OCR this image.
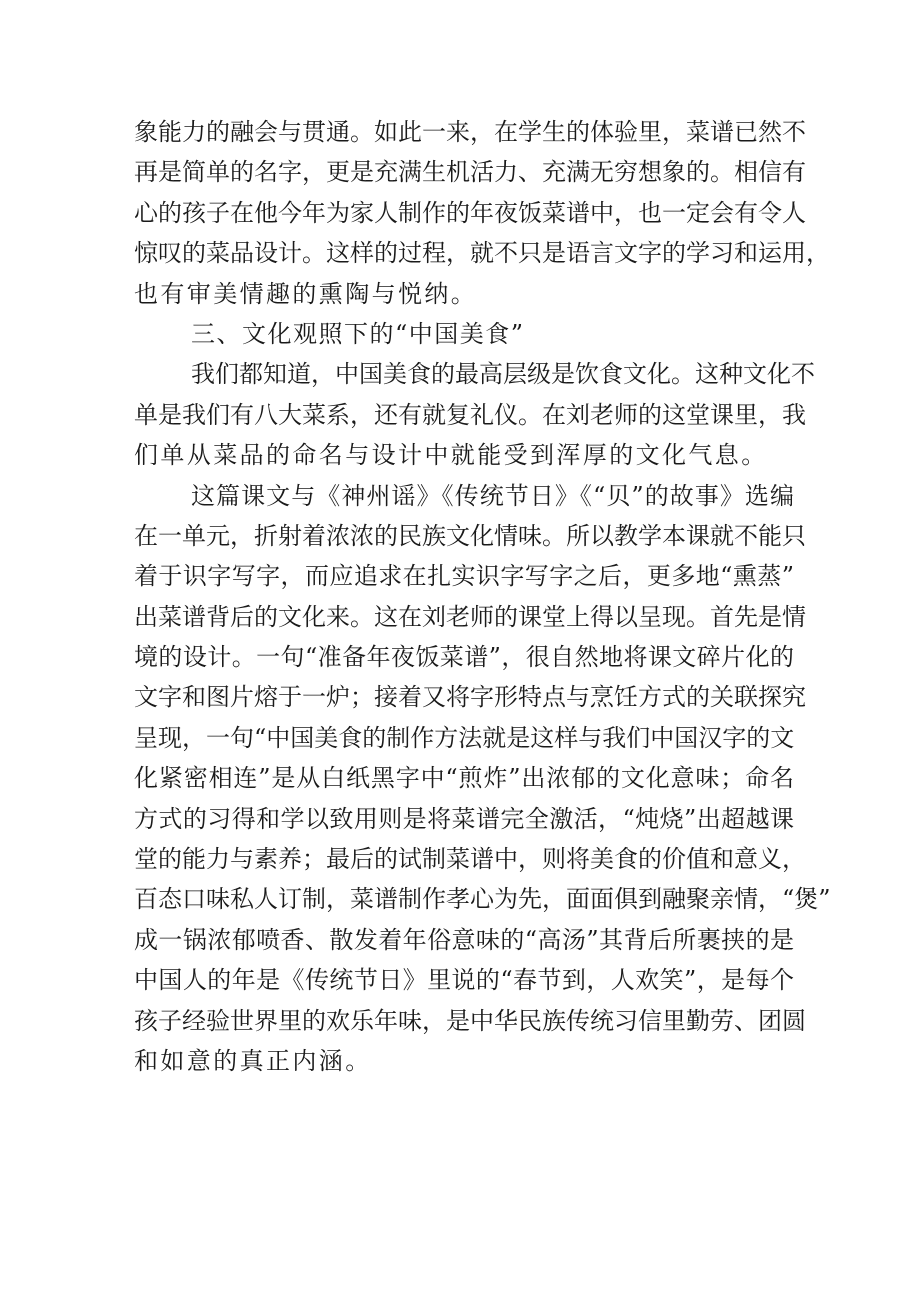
象能力的融会与贯通。如此一来，在学生的体验里，菜谱已然不
再是简单的名字，更是充满生机活力、充满无穷想象的。相信有
心的孩子在他今年为家人制作的年夜饭菜谱中，也一定会有令人
惊叹的菜品设计。这样的过程，就不只是语言文字的学习和运用，
也有审美情趣的熏陶与悦纳。
三、文化观照下的“中国美食”
我们都知道，中国美食的最高层级是饮食文化。这种文化不
单是我们有八大菜系，还有就复礼仪。在刘老师的这堂课里，我
们单从菜品的命名与设计中就能受到浑厚的文化气息。
这篇课文与《神州谣》《传统节日》《“贝”的故事》选编
在一单元，折射着浓浓的民族文化情味。所以教学本课就不能只
着于识字写字，而应追求在扎实识字写字之后，更多地“熏蒸”
出菜谱背后的文化来。这在刘老师的课堂上得以呈现。首先是情
境的设计。一句“准备年夜饭菜谱”，很自然地将课文碎片化的
文字和图片熔于一炉；接着又将字形特点与烹饪方式的关联探究
呈现，一句“中国美食的制作方法就是这样与我们中国汉字的文
化紧密相连”是从白纸黑字中“煎炸”出浓郁的文化意味；命名
方式的习得和学以致用则是将菜谱完全激活，“炖烧”出超越课
堂的能力与素养；最后的试制菜谱中，则将美食的价值和意义，
百态口味私人订制，菜谱制作孝心为先，面面俱到融聚亲情，“煲”
成一锅浓郁喷香、散发着年俗意味的“高汤”其背后所裹挟的是
中国人的年是《传统节日》里说的“春节到，人欢笑”，是每个
孩子经验世界里的欢乐年味，是中华民族传统习信里勤劳、团圆
和如意的真正内涵。
